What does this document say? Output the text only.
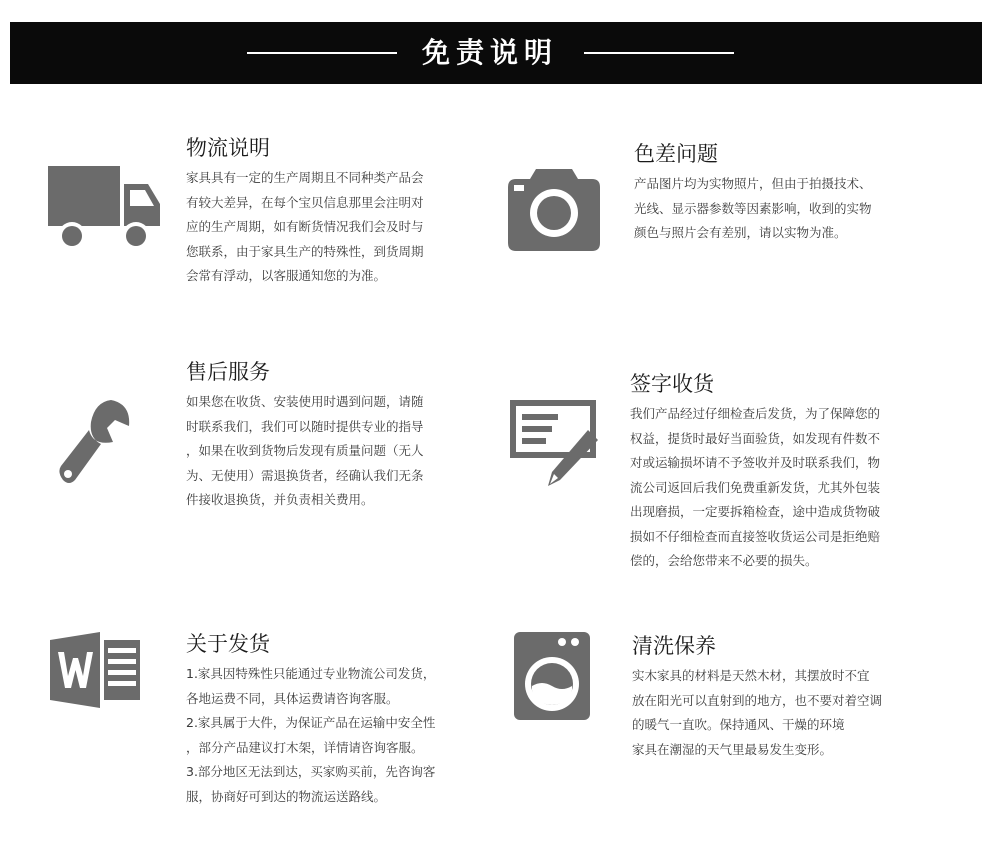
免责说明
物流说明

家具具有一定的生产周期且不同种类产品会

有较大差异，在每个宝贝信息那里会注明对

应的生产周期，如有断货情况我们会及时与

您联系，由于家具生产的特殊性，到货周期

会常有浮动，以客服通知您的为准。

色差问题

产品图片均为实物照片，但由于拍摄技术、

光线、显示器参数等因素影响，收到的实物

颜色与照片会有差别，请以实物为准。

售后服务

如果您在收货、安装使用时遇到问题，请随

时联系我们，我们可以随时提供专业的指导

，如果在收到货物后发现有质量问题（无人

为、无使用）需退换货者，经确认我们无条

件接收退换货，并负责相关费用。

签字收货

我们产品经过仔细检查后发货，为了保障您的

权益，提货时最好当面验货，如发现有件数不

对或运输损坏请不予签收并及时联系我们，物

流公司返回后我们免费重新发货，尤其外包装

出现磨损，一定要拆箱检查，途中造成货物破

损如不仔细检查而直接签收货运公司是拒绝赔

偿的，会给您带来不必要的损失。

关于发货

1.家具因特殊性只能通过专业物流公司发货，

各地运费不同，具体运费请咨询客服。

2.家具属于大件，为保证产品在运输中安全性

，部分产品建议打木架，详情请咨询客服。

3.部分地区无法到达，买家购买前，先咨询客

服，协商好可到达的物流运送路线。

清洗保养

实木家具的材料是天然木材，其摆放时不宜

放在阳光可以直射到的地方，也不要对着空调

的暖气一直吹。保持通风、干燥的环境

家具在潮湿的天气里最易发生变形。
